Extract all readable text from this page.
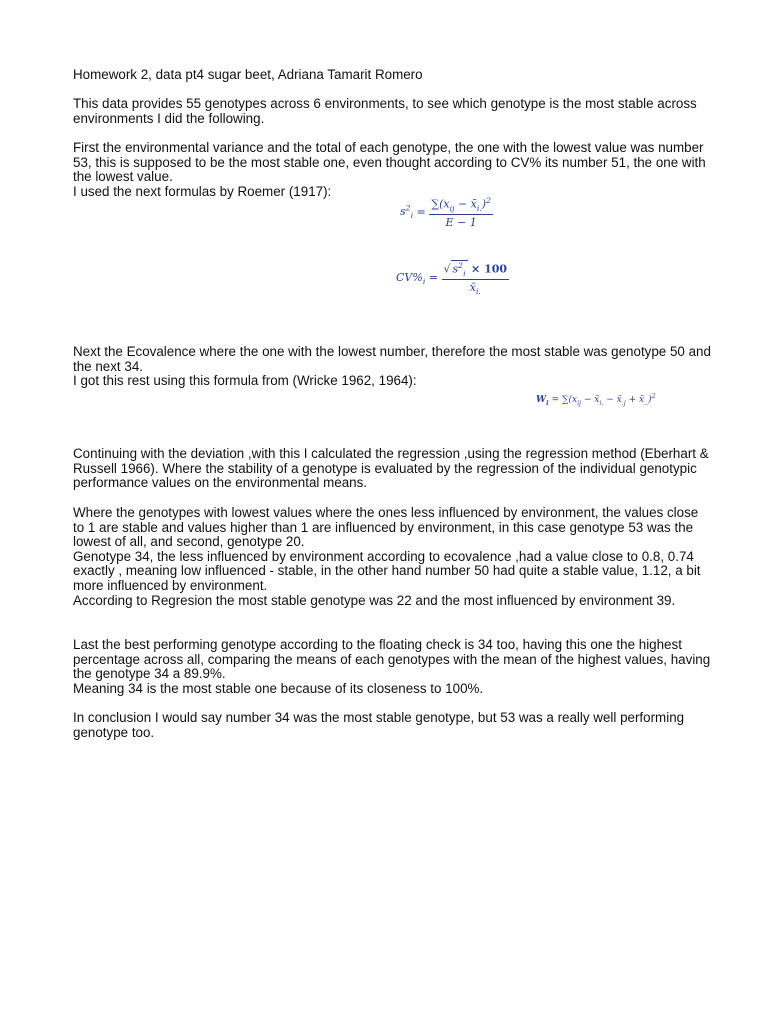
Homework 2, data pt4 sugar beet, Adriana Tamarit Romero

This data provides 55 genotypes across 6 environments, to see which genotype is the most stable across environments I did the following.

First the environmental variance and the total of each genotype, the one with the lowest value was number 53, this is supposed to be the most stable one, even thought according to CV% its number 51, the one with the lowest value.
I used the next formulas by Roemer (1917):

$s^2_i = \frac{\sum(x_{ij} - x̄_{i.})^2}{E - 1}$
$CV\%_i = \frac{√ s^2_i \times 100}{x̄_{i.}}$

Next the Ecovalence where the one with the lowest number, therefore the most stable was genotype 50 and the next 34.
I got this rest using this formula from (Wricke 1962, 1964):

$W_i = \sum(x_{ij}$ − $x̄_{i.}$ − $x̄_{.j}$ + $x̄_{..})^2$

Continuing with the deviation ,with this I calculated the regression ,using the regression method (Eberhart & Russell 1966). Where the stability of a genotype is evaluated by the regression of the individual genotypic performance values on the environmental means.

Where the genotypes with lowest values where the ones less influenced by environment, the values close to 1 are stable and values higher than 1 are influenced by environment, in this case genotype 53 was the lowest of all, and second, genotype 20.
Genotype 34, the less influenced by environment according to ecovalence ,had a value close to 0.8, 0.74 exactly , meaning low influenced - stable, in the other hand number 50 had quite a stable value, 1.12, a bit more influenced by environment.
According to Regresion the most stable genotype was 22 and the most influenced by environment 39.

Last the best performing genotype according to the floating check is 34 too, having this one the highest percentage across all, comparing the means of each genotypes with the mean of the highest values, having the genotype 34 a 89.9%.
Meaning 34 is the most stable one because of its closeness to 100%.

In conclusion I would say number 34 was the most stable genotype, but 53 was a really well performing genotype too.
